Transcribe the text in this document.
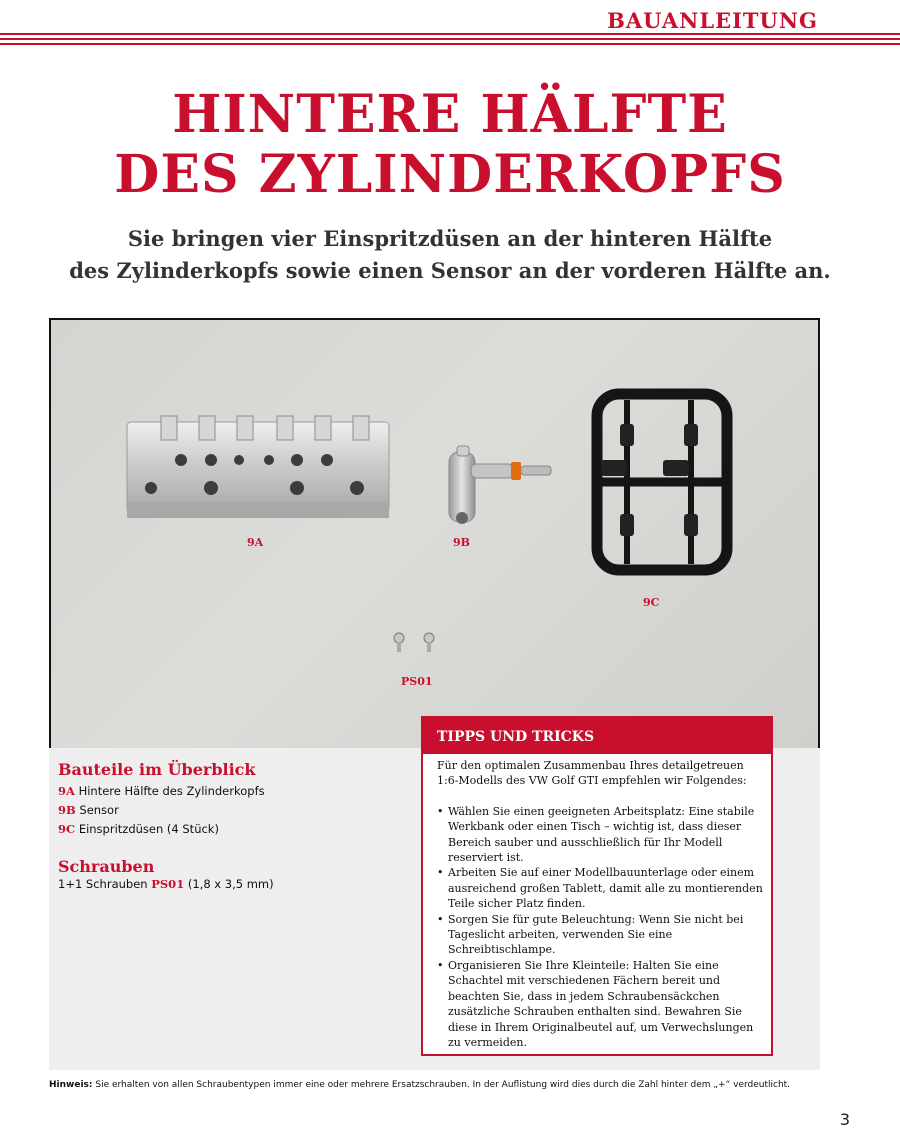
BAUANLEITUNG
HINTERE HÄLFTE
DES ZYLINDERKOPFS

Sie bringen vier Einspritzdüsen an der hinteren Hälfte
des Zylinderkopfs sowie einen Sensor an der vorderen Hälfte an.

9A	9B
9C
PS01
Bauteile im Überblick
9A Hintere Hälfte des Zylinderkopfs
9B Sensor
9C Einspritzdüsen (4 Stück)
Schrauben
1+1 Schrauben PS01 (1,8 x 3,5 mm)
TIPPS UND TRICKS

Für den optimalen Zusammenbau Ihres detailgetreuen 1:6-Modells des VW Golf GTI empfehlen wir Folgendes:

• Wählen Sie einen geeigneten Arbeitsplatz: Eine stabile Werkbank oder einen Tisch – wichtig ist, dass dieser Bereich sauber und ausschließlich für Ihr Modell reserviert ist.
• Arbeiten Sie auf einer Modellbauunterlage oder einem ausreichend großen Tablett, damit alle zu montierenden Teile sicher Platz finden.
• Sorgen Sie für gute Beleuchtung: Wenn Sie nicht bei Tageslicht arbeiten, verwenden Sie eine Schreibtischlampe.
• Organisieren Sie Ihre Kleinteile: Halten Sie eine Schachtel mit verschiedenen Fächern bereit und beachten Sie, dass in jedem Schraubensäckchen zusätzliche Schrauben enthalten sind. Bewahren Sie diese in Ihrem Originalbeutel auf, um Verwechslungen zu vermeiden.
Hinweis: Sie erhalten von allen Schraubentypen immer eine oder mehrere Ersatzschrauben. In der Auflistung wird dies durch die Zahl hinter dem „+“ verdeutlicht.
3
